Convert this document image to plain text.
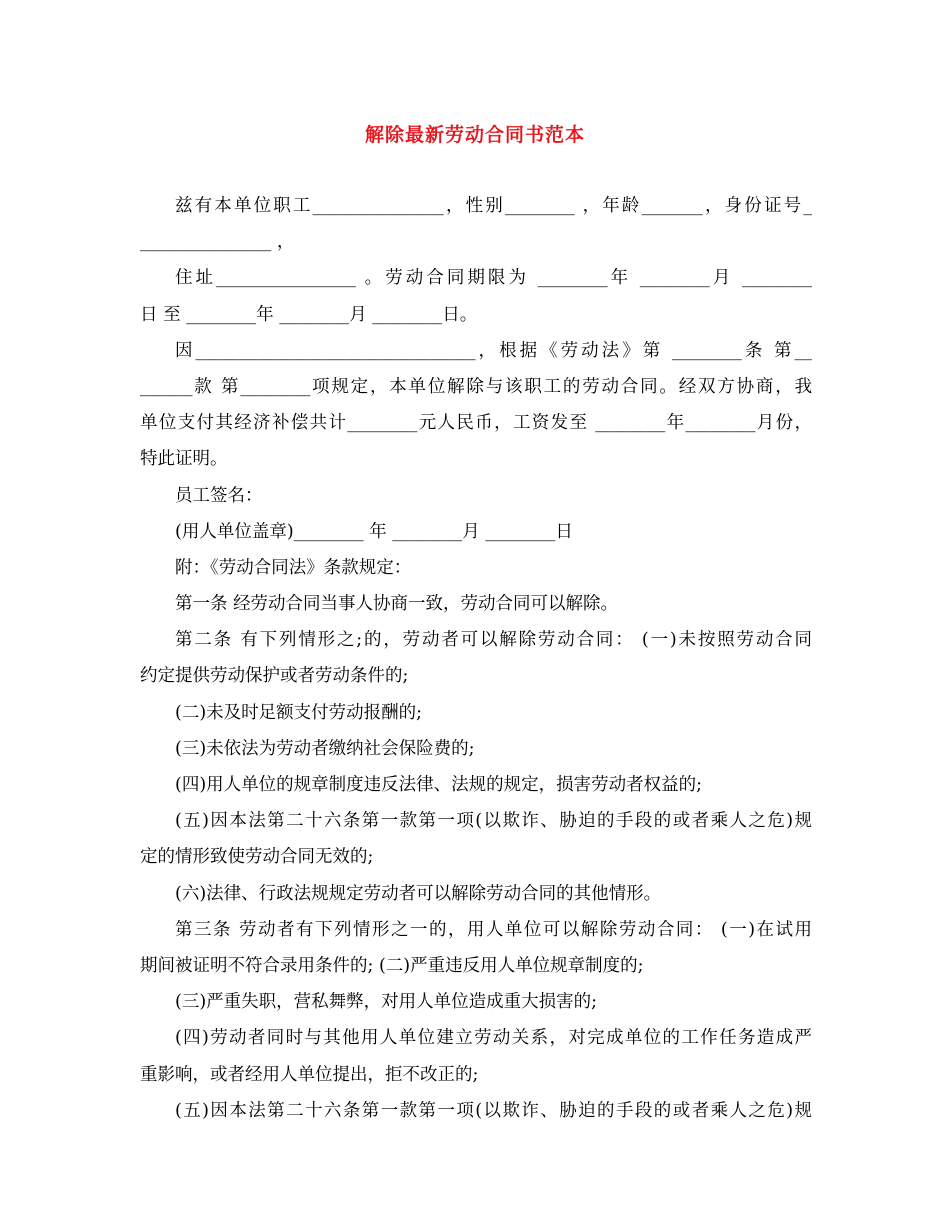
解除最新劳动合同书范本
兹有本单位职工_______________，性别________ ，年龄_______，身份证号_
_______________ ，
住址________________ 。劳动合同期限为 ________年 ________月 ________
日 至 ________年 ________月 ________日。
因________________________________，根据《劳动法》第 ________条 第__
______款 第________项规定，本单位解除与该职工的劳动合同。经双方协商，我
单位支付其经济补偿共计________元人民币，工资发至 ________年________月份，
特此证明。
员工签名：
(用人单位盖章)________ 年 ________月 ________日
附：《劳动合同法》条款规定：
第一条 经劳动合同当事人协商一致，劳动合同可以解除。
第二条 有下列情形之;的，劳动者可以解除劳动合同： (一)未按照劳动合同
约定提供劳动保护或者劳动条件的;
(二)未及时足额支付劳动报酬的;
(三)未依法为劳动者缴纳社会保险费的;
(四)用人单位的规章制度违反法律、法规的规定，损害劳动者权益的;
(五)因本法第二十六条第一款第一项(以欺诈、胁迫的手段的或者乘人之危)规
定的情形致使劳动合同无效的;
(六)法律、行政法规规定劳动者可以解除劳动合同的其他情形。
第三条 劳动者有下列情形之一的，用人单位可以解除劳动合同： (一)在试用
期间被证明不符合录用条件的; (二)严重违反用人单位规章制度的;
(三)严重失职，营私舞弊，对用人单位造成重大损害的;
(四)劳动者同时与其他用人单位建立劳动关系，对完成单位的工作任务造成严
重影响，或者经用人单位提出，拒不改正的;
(五)因本法第二十六条第一款第一项(以欺诈、胁迫的手段的或者乘人之危)规
